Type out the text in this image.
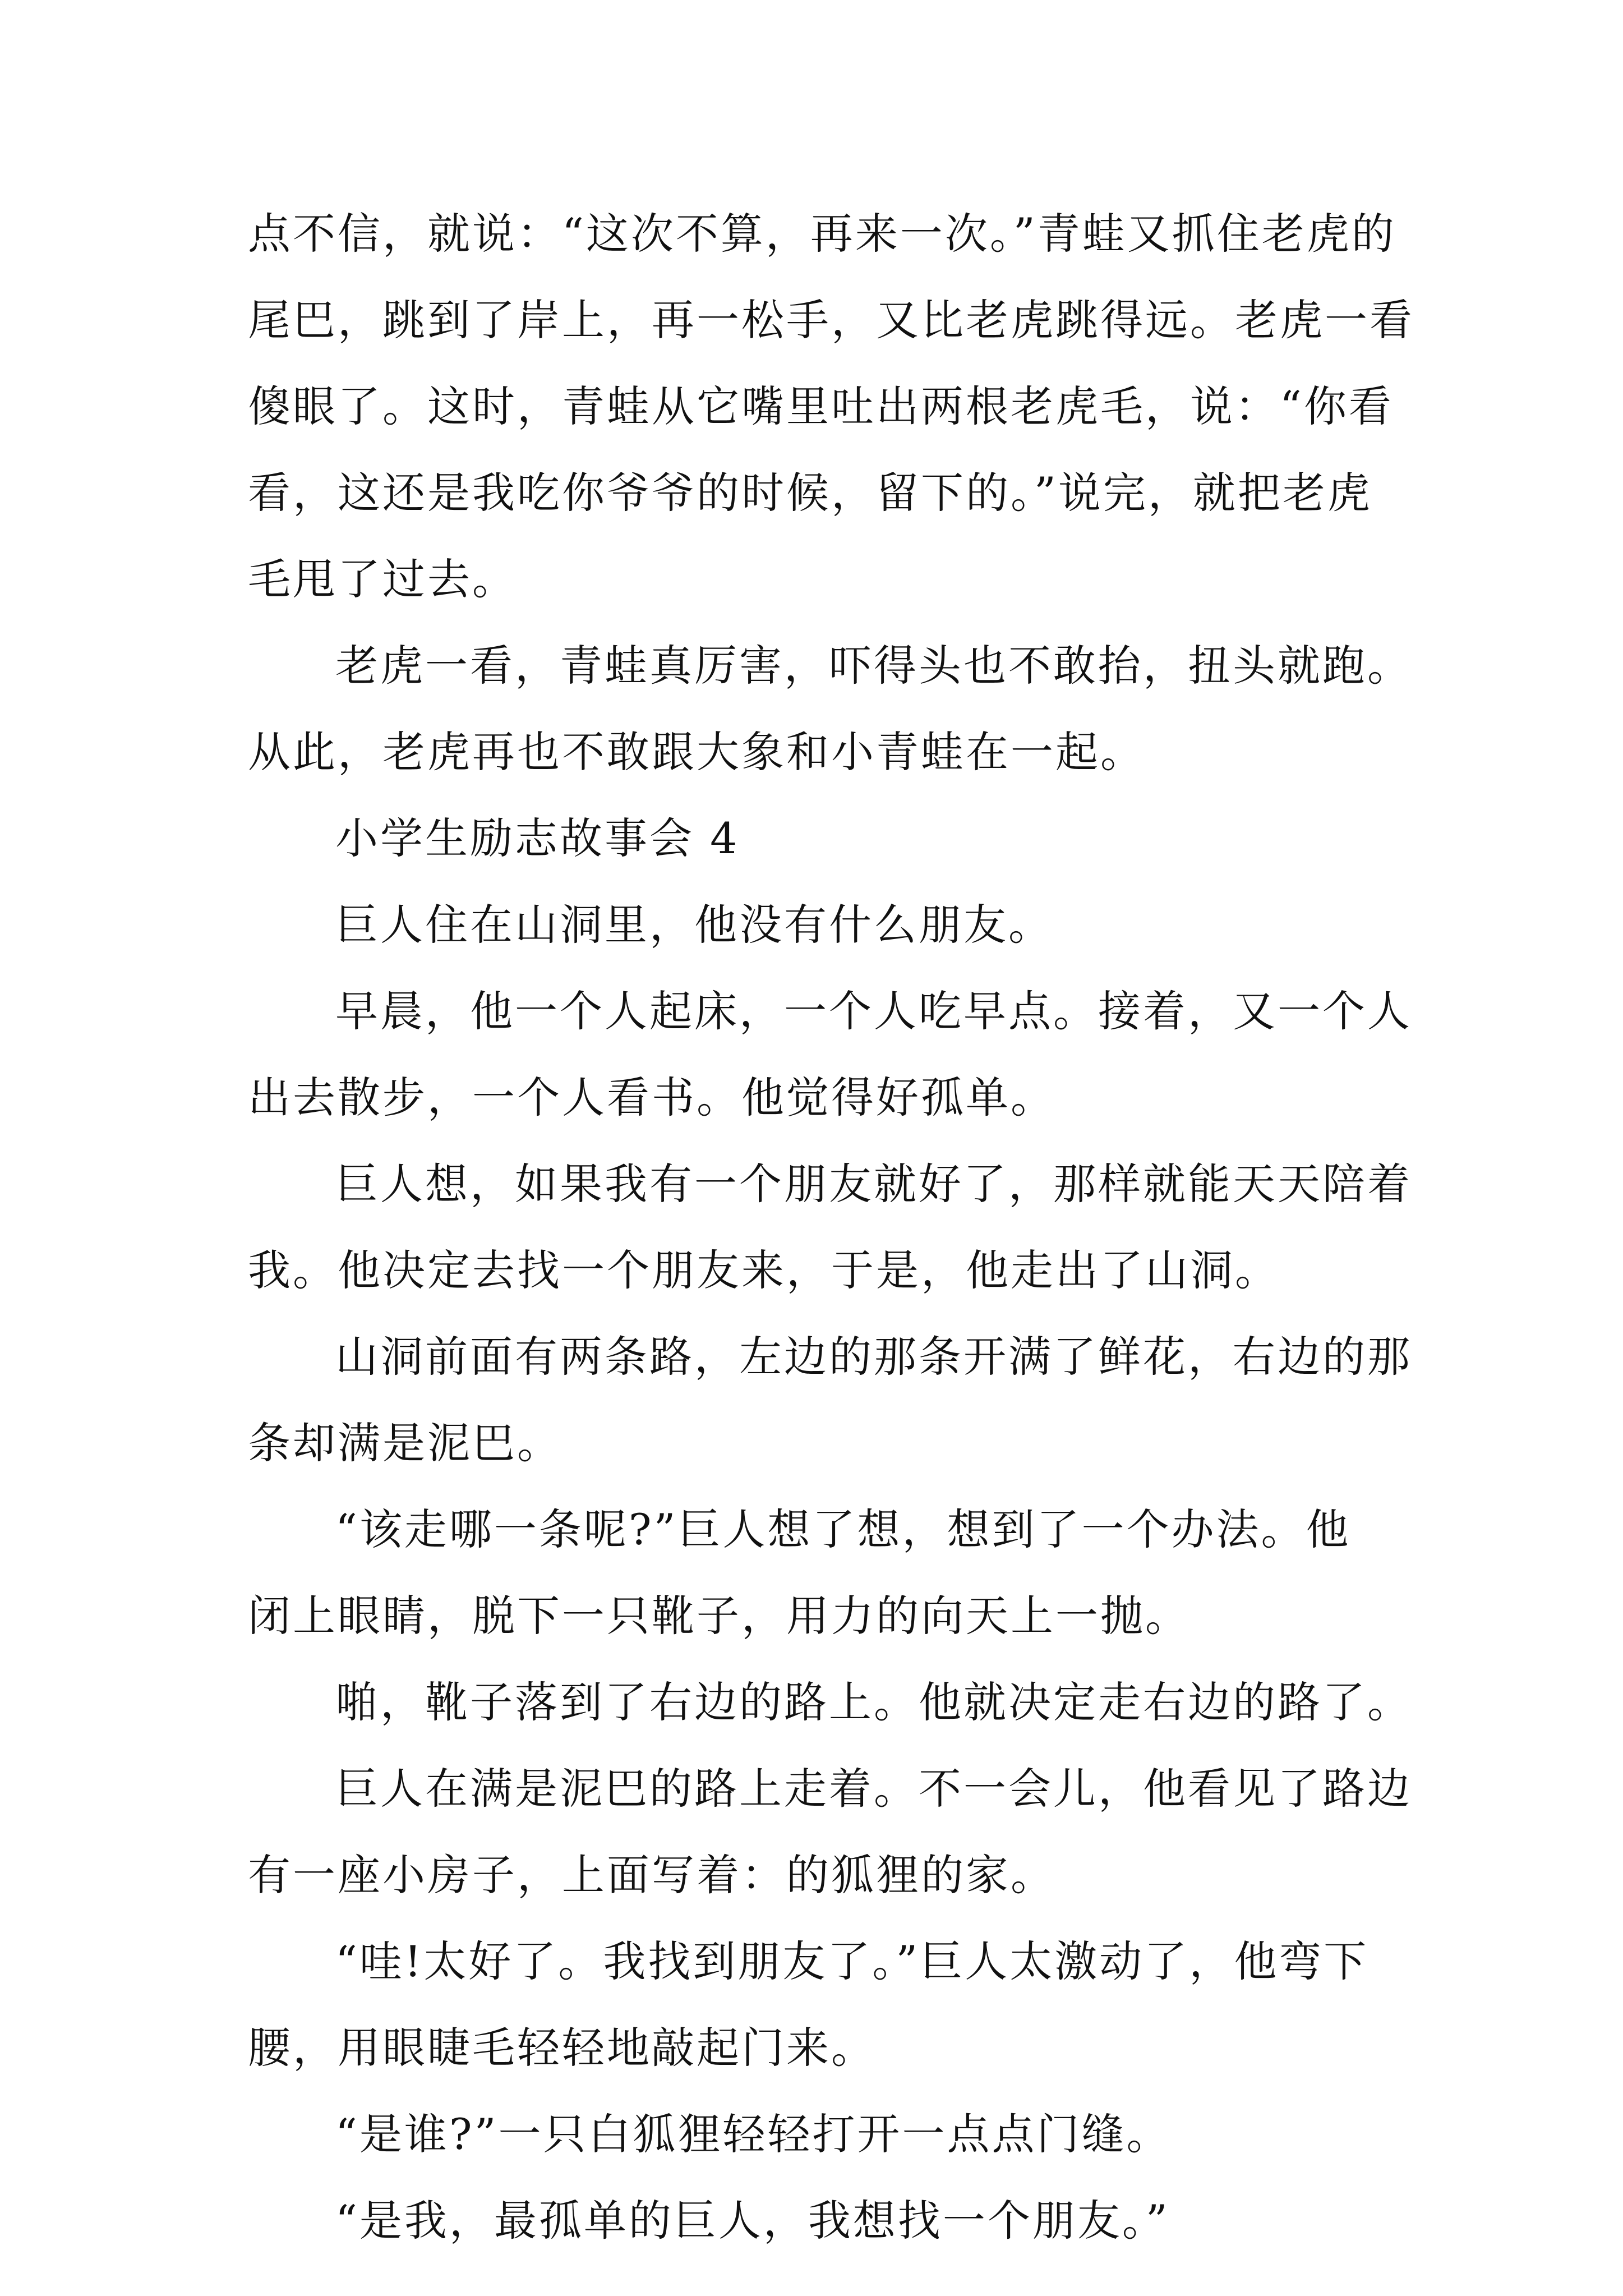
点不信，就说：“这次不算，再来一次。”青蛙又抓住老虎的
尾巴，跳到了岸上，再一松手，又比老虎跳得远。老虎一看
傻眼了。这时，青蛙从它嘴里吐出两根老虎毛，说：“你看
看，这还是我吃你爷爷的时候，留下的。”说完，就把老虎
毛甩了过去。
老虎一看，青蛙真厉害，吓得头也不敢抬，扭头就跑。
从此，老虎再也不敢跟大象和小青蛙在一起。
小学生励志故事会 4
巨人住在山洞里，他没有什么朋友。
早晨，他一个人起床，一个人吃早点。接着，又一个人
出去散步，一个人看书。他觉得好孤单。
巨人想，如果我有一个朋友就好了，那样就能天天陪着
我。他决定去找一个朋友来，于是，他走出了山洞。
山洞前面有两条路，左边的那条开满了鲜花，右边的那
条却满是泥巴。
“该走哪一条呢?”巨人想了想，想到了一个办法。他
闭上眼睛，脱下一只靴子，用力的向天上一抛。
啪，靴子落到了右边的路上。他就决定走右边的路了。
巨人在满是泥巴的路上走着。不一会儿，他看见了路边
有一座小房子，上面写着：的狐狸的家。
“哇!太好了。我找到朋友了。”巨人太激动了，他弯下
腰，用眼睫毛轻轻地敲起门来。
“是谁?”一只白狐狸轻轻打开一点点门缝。
“是我，最孤单的巨人，我想找一个朋友。”
